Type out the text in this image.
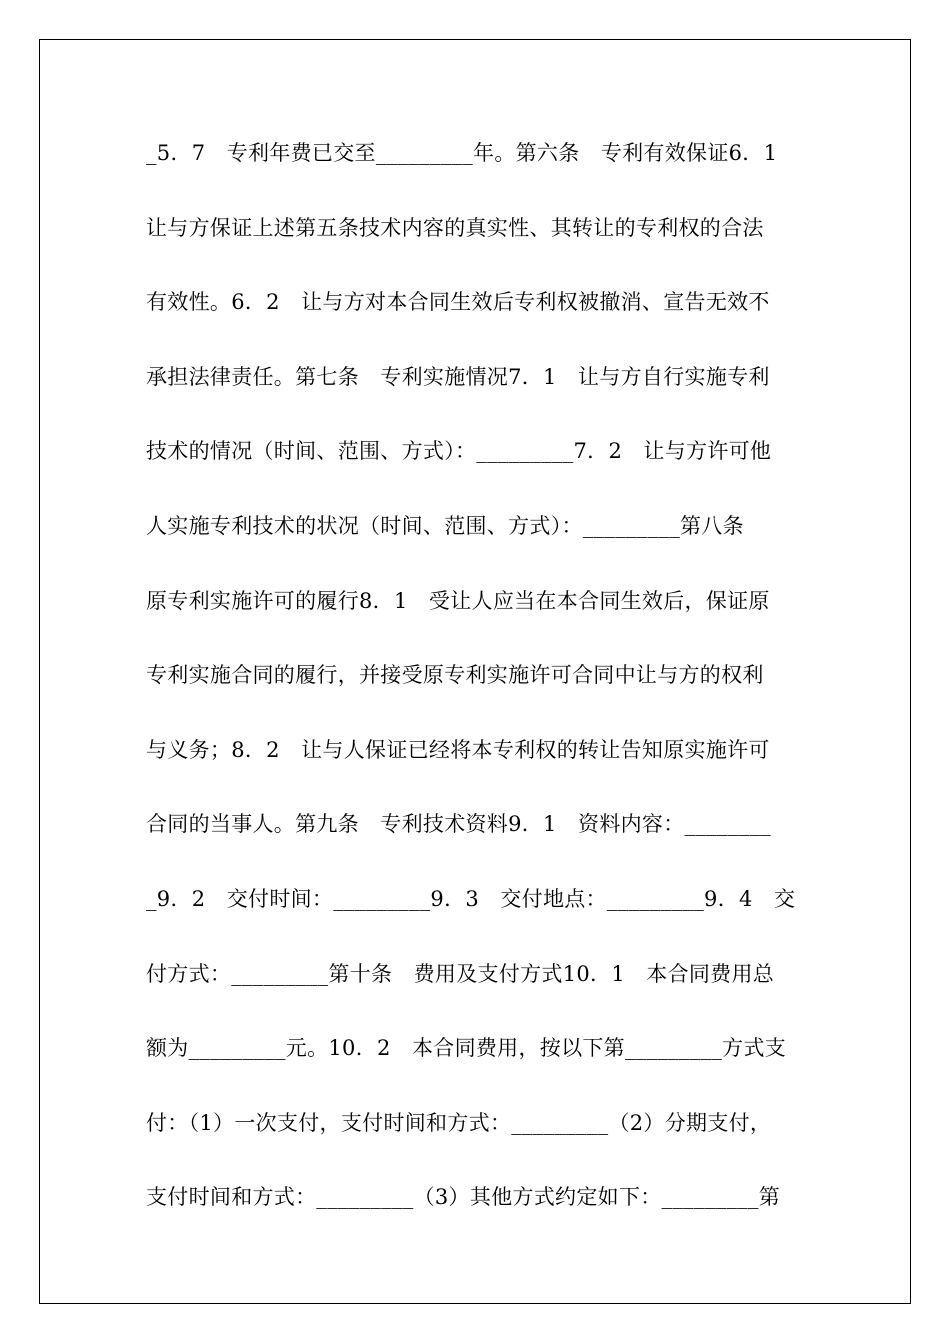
_5．7　专利年费已交至_________年。第六条　专利有效保证6．1
让与方保证上述第五条技术内容的真实性、其转让的专利权的合法
有效性。6．2　让与方对本合同生效后专利权被撤消、宣告无效不
承担法律责任。第七条　专利实施情况7．1　让与方自行实施专利
技术的情况（时间、范围、方式）：_________7．2　让与方许可他
人实施专利技术的状况（时间、范围、方式）：_________第八条
原专利实施许可的履行8．1　受让人应当在本合同生效后，保证原
专利实施合同的履行，并接受原专利实施许可合同中让与方的权利
与义务；8．2　让与人保证已经将本专利权的转让告知原实施许可
合同的当事人。第九条　专利技术资料9．1　资料内容：________
_9．2　交付时间：_________9．3　交付地点：_________9．4　交
付方式：_________第十条　费用及支付方式10．1　本合同费用总
额为_________元。10．2　本合同费用，按以下第_________方式支
付：（1）一次支付，支付时间和方式：_________（2）分期支付，
支付时间和方式：_________（3）其他方式约定如下：_________第
